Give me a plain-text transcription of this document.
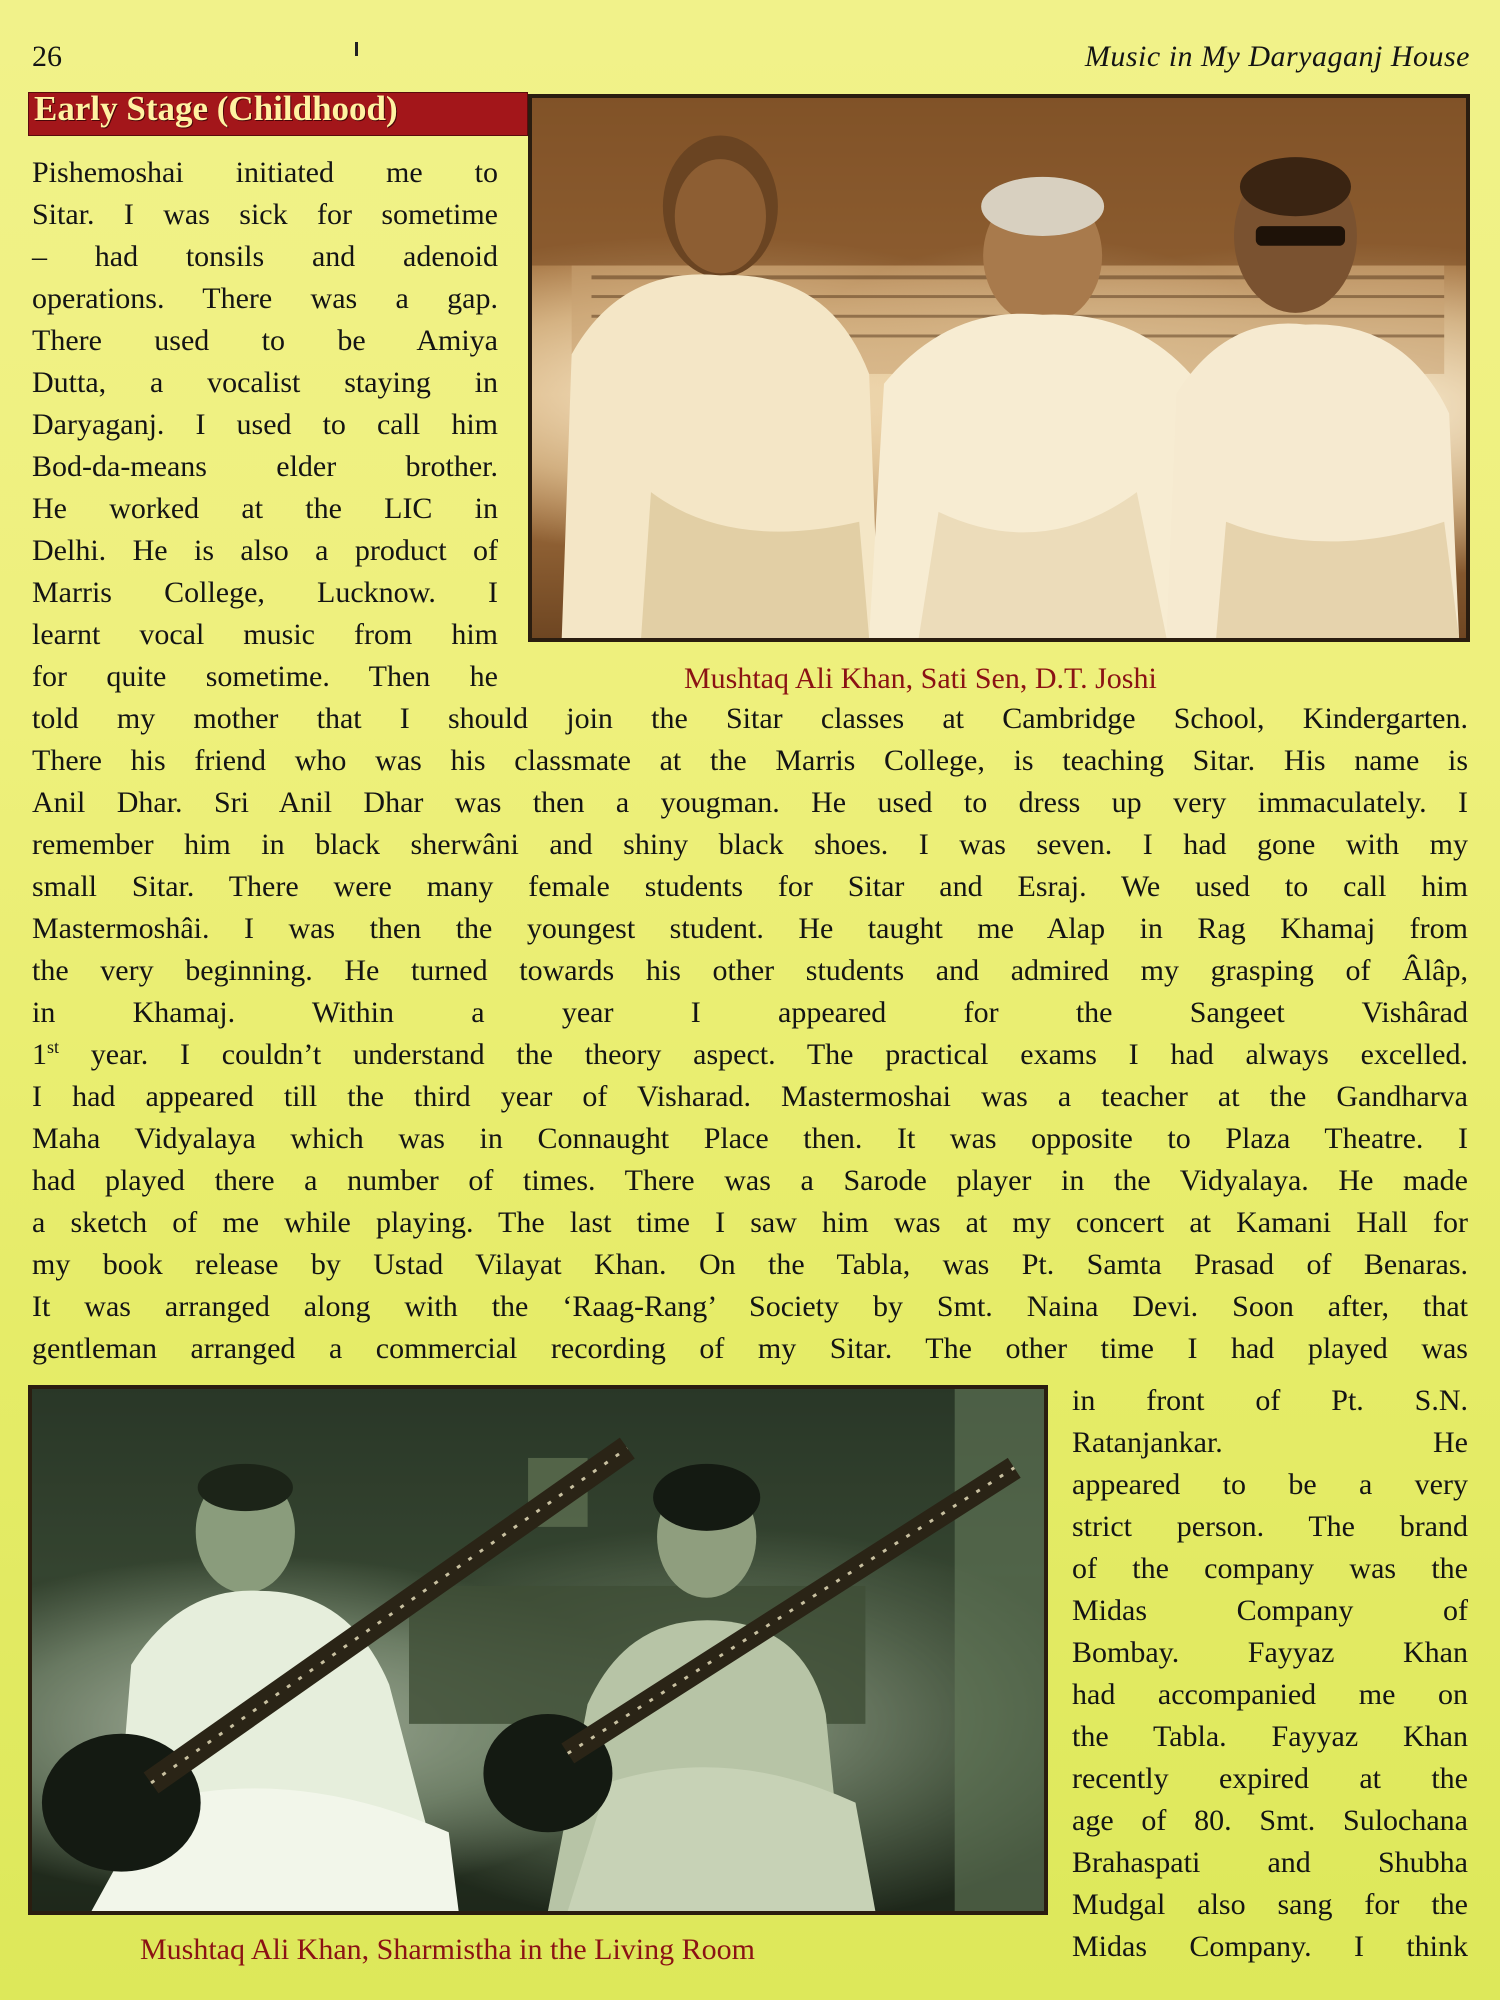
26	Music in My Daryaganj House
Early Stage (Childhood)
Mushtaq Ali Khan, Sati Sen, D.T. Joshi
Pishemoshai initiated me to
Sitar. I was sick for sometime
– had tonsils and adenoid
operations. There was a gap.
There used to be Amiya
Dutta, a vocalist staying in
Daryaganj. I used to call him
Bod-da-means elder brother.
He worked at the LIC in
Delhi. He is also a product of
Marris College, Lucknow. I
learnt vocal music from him
for quite sometime. Then he
told my mother that I should join the Sitar classes at Cambridge School, Kindergarten.
There his friend who was his classmate at the Marris College, is teaching Sitar. His name is
Anil Dhar. Sri Anil Dhar was then a yougman. He used to dress up very immaculately. I
remember him in black sherwâni and shiny black shoes. I was seven. I had gone with my
small Sitar. There were many female students for Sitar and Esraj. We used to call him
Mastermoshâi. I was then the youngest student. He taught me Alap in Rag Khamaj from
the very beginning. He turned towards his other students and admired my grasping of Âlâp,
in Khamaj. Within a year I appeared for the Sangeet Vishârad
1st year. I couldn’t understand the theory aspect. The practical exams I had always excelled.
I had appeared till the third year of Visharad. Mastermoshai was a teacher at the Gandharva
Maha Vidyalaya which was in Connaught Place then. It was opposite to Plaza Theatre. I
had played there a number of times. There was a Sarode player in the Vidyalaya. He made
a sketch of me while playing. The last time I saw him was at my concert at Kamani Hall for
my book release by Ustad Vilayat Khan. On the Tabla, was Pt. Samta Prasad of Benaras.
It was arranged along with the ‘Raag-Rang’ Society by Smt. Naina Devi. Soon after, that
gentleman arranged a commercial recording of my Sitar. The other time I had played was
Mushtaq Ali Khan, Sharmistha in the Living Room
in front of Pt. S.N.
Ratanjankar. He
appeared to be a very
strict person. The brand
of the company was the
Midas Company of
Bombay. Fayyaz Khan
had accompanied me on
the Tabla. Fayyaz Khan
recently expired at the
age of 80. Smt. Sulochana
Brahaspati and Shubha
Mudgal also sang for the
Midas Company. I think
